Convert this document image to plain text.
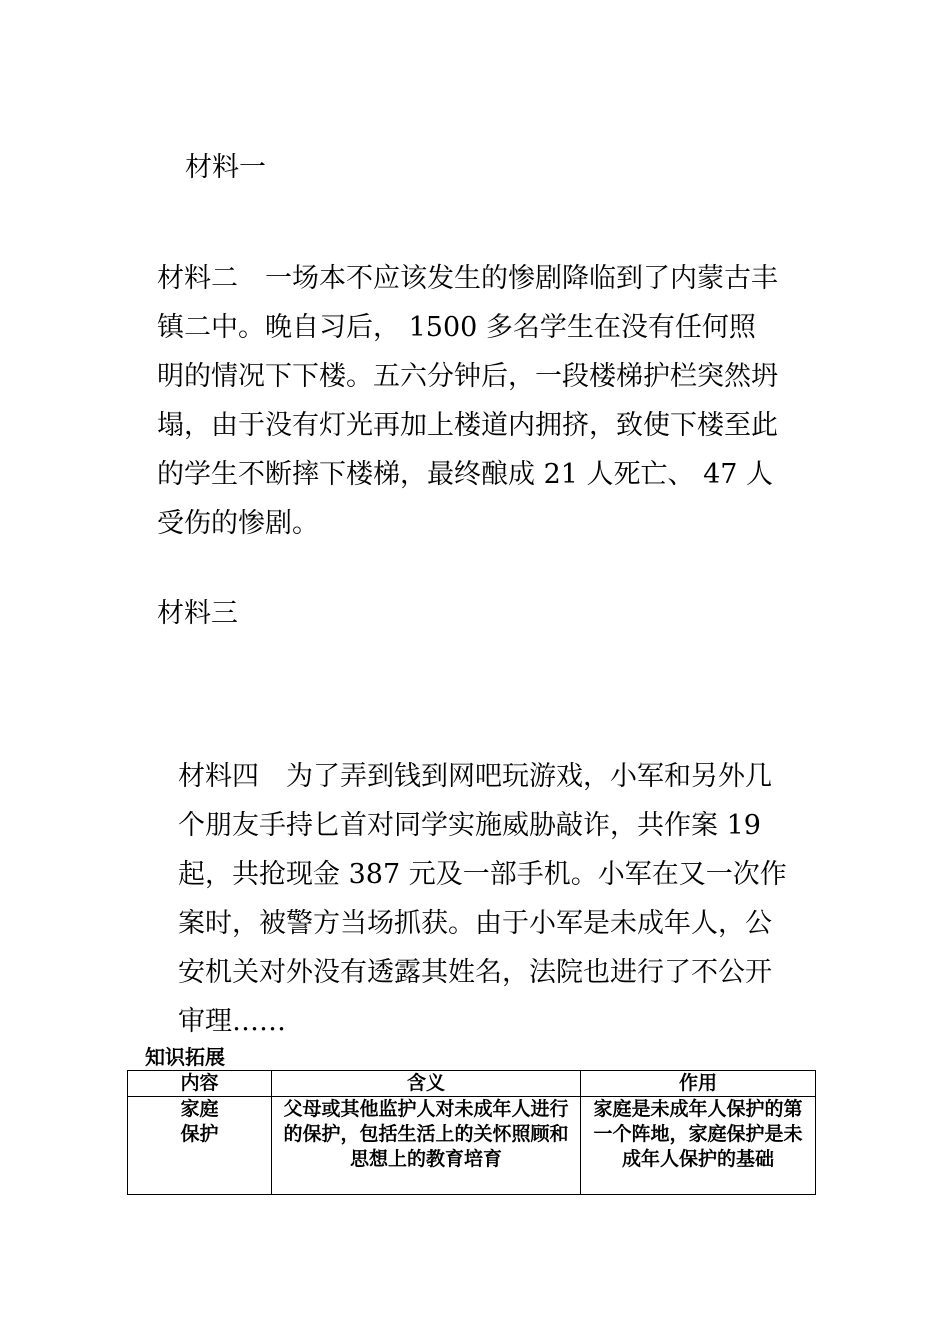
材料一

材料二 一场本不应该发生的惨剧降临到了内蒙古丰镇二中。晚自习后， 1500 多名学生在没有任何照明的情况下下楼。五六分钟后，一段楼梯护栏突然坍塌，由于没有灯光再加上楼道内拥挤，致使下楼至此的学生不断摔下楼梯，最终酿成 21 人死亡、 47 人受伤的惨剧。

材料三

材料四 为了弄到钱到网吧玩游戏，小军和另外几个朋友手持匕首对同学实施威胁敲诈，共作案 19 起，共抢现金 387 元及一部手机。小军在又一次作案时，被警方当场抓获。由于小军是未成年人，公安机关对外没有透露其姓名，法院也进行了不公开审理……

知识拓展

内容	含义	作用

家庭保护	父母或其他监护人对未成年人进行的保护，包括生活上的关怀照顾和思想上的教育培育	家庭是未成年人保护的第一个阵地，家庭保护是未成年人保护的基础
